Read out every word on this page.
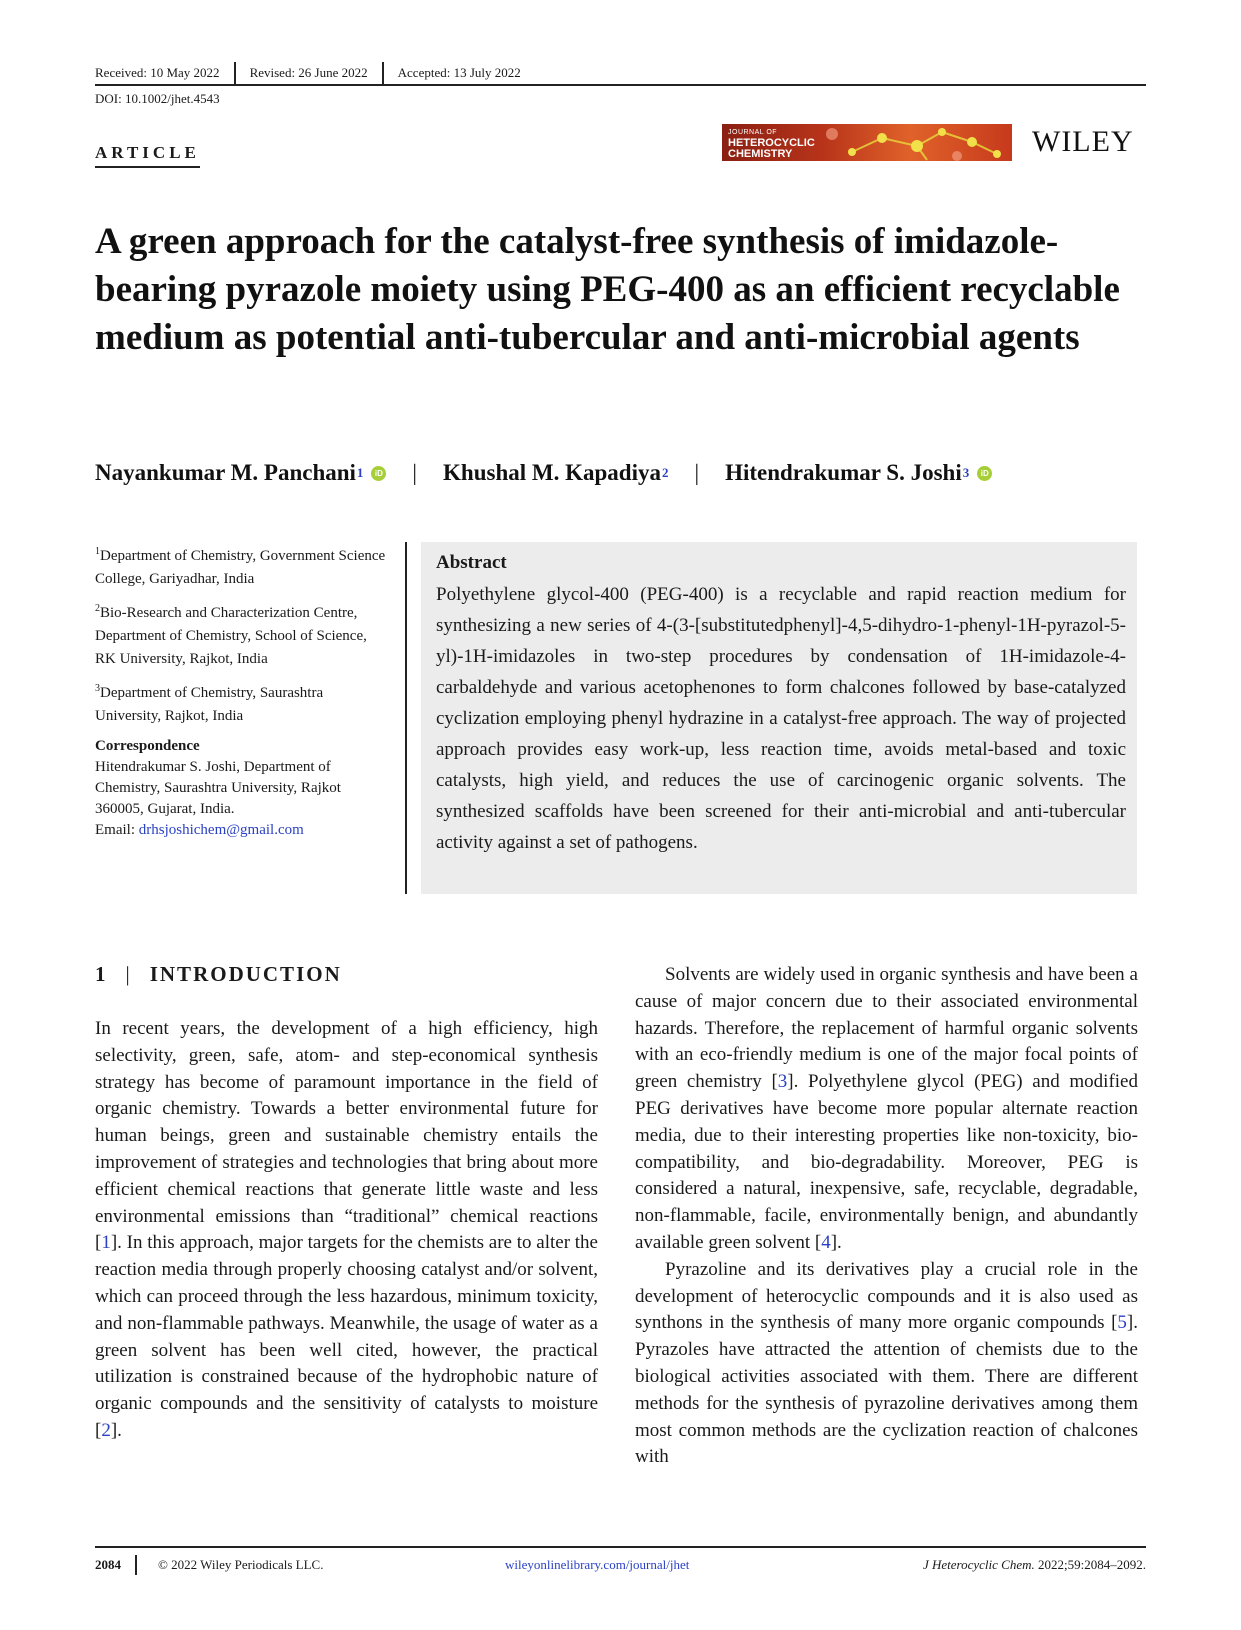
Received: 10 May 2022	Revised: 26 June 2022	Accepted: 13 July 2022
DOI: 10.1002/jhet.4543
ARTICLE
JOURNAL OF
HETEROCYCLIC
CHEMISTRY	WILEY
A green approach for the catalyst-free synthesis of imidazole-bearing pyrazole moiety using PEG-400 as an efficient recyclable medium as potential anti-tubercular and anti-microbial agents
Nayankumar M. Panchani 1	iD | Khushal M. Kapadiya 2 | Hitendrakumar S. Joshi 3	iD

$^1$Department of Chemistry, Government Science College, Gariyadhar, India

$^2$Bio-Research and Characterization Centre, Department of Chemistry, School of Science, RK University, Rajkot, India

$^3$Department of Chemistry, Saurashtra University, Rajkot, India

Correspondence
Hitendrakumar S. Joshi, Department of Chemistry, Saurashtra University, Rajkot 360005, Gujarat, India.
Email: drhsjoshichem@gmail.com
Abstract

Polyethylene glycol-400 (PEG-400) is a recyclable and rapid reaction medium for synthesizing a new series of 4-(3-[substitutedphenyl]-4,5-dihydro-1-phenyl-1H-pyrazol-5-yl)-1H-imidazoles in two-step procedures by condensation of 1H-imidazole-4-carbaldehyde and various acetophenones to form chalcones followed by base-catalyzed cyclization employing phenyl hydrazine in a catalyst-free approach. The way of projected approach provides easy work-up, less reaction time, avoids metal-based and toxic catalysts, high yield, and reduces the use of carcinogenic organic solvents. The synthesized scaffolds have been screened for their anti-microbial and anti-tubercular activity against a set of pathogens.

1 | INTRODUCTION

In recent years, the development of a high efficiency, high selectivity, green, safe, atom- and step-economical synthesis strategy has become of paramount importance in the field of organic chemistry. Towards a better environmental future for human beings, green and sustainable chemistry entails the improvement of strategies and technologies that bring about more efficient chemical reactions that generate little waste and less environmental emissions than “traditional” chemical reactions [1]. In this approach, major targets for the chemists are to alter the reaction media through properly choosing catalyst and/or solvent, which can proceed through the less hazardous, minimum toxicity, and non-flammable pathways. Meanwhile, the usage of water as a green solvent has been well cited, however, the practical utilization is constrained because of the hydrophobic nature of organic compounds and the sensitivity of catalysts to moisture [2].

Solvents are widely used in organic synthesis and have been a cause of major concern due to their associated environmental hazards. Therefore, the replacement of harmful organic solvents with an eco-friendly medium is one of the major focal points of green chemistry [3]. Polyethylene glycol (PEG) and modified PEG derivatives have become more popular alternate reaction media, due to their interesting properties like non-toxicity, bio-compatibility, and bio-degradability. Moreover, PEG is considered a natural, inexpensive, safe, recyclable, degradable, non-flammable, facile, environmentally benign, and abundantly available green solvent [4].

Pyrazoline and its derivatives play a crucial role in the development of heterocyclic compounds and it is also used as synthons in the synthesis of many more organic compounds [5]. Pyrazoles have attracted the attention of chemists due to the biological activities associated with them. There are different methods for the synthesis of pyrazoline derivatives among them most common methods are the cyclization reaction of chalcones with

2084	© 2022 Wiley Periodicals LLC.	wileyonlinelibrary.com/journal/jhet	J Heterocyclic Chem. 2022;59:2084–2092.
